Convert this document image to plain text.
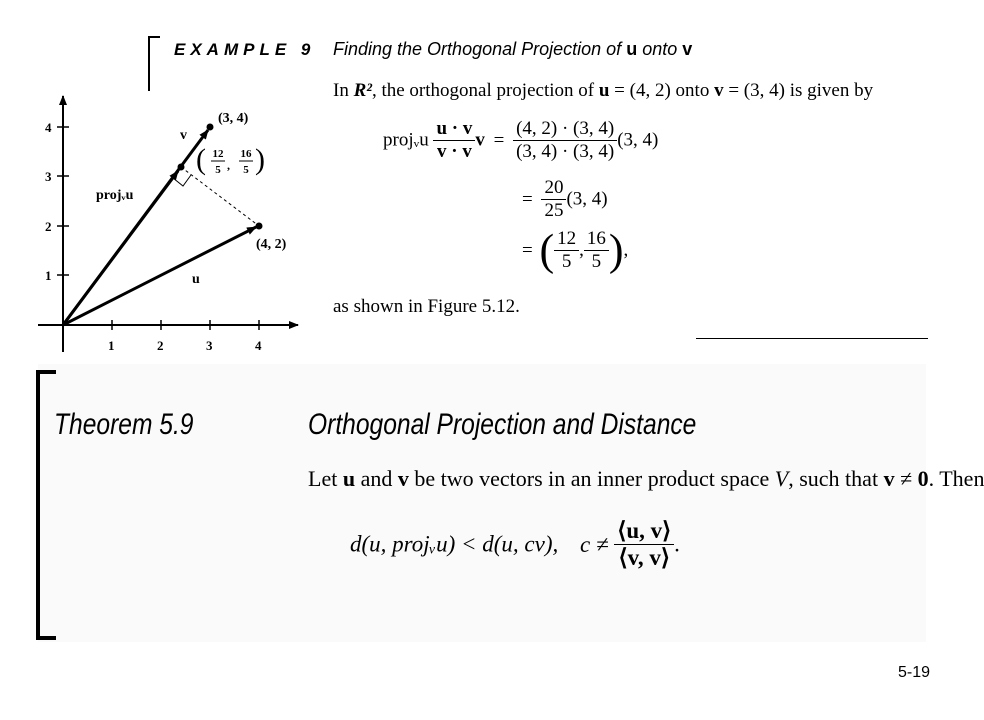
EXAMPLE 9 Finding the Orthogonal Projection of u onto v
1	2	3	4
1
2
3
4
(3, 4)
(4, 2)
v
u
projᵥu
( 12
5 ,
16
5 )
In R², the orthogonal projection of u = (4, 2) onto v = (3, 4) is given by
projᵥu $\frac{u \cdot v}{v \cdot v}$ $v = \frac{(4, 2) \cdot (3, 4)}{(3, 4) \cdot (3, 4)} (3$, 4)
= $\frac{20}{25} (3$, 4)
= ( $\frac{12}{5}$ , $\frac{16}{5}$ ),
as shown in Figure 5.12.
Theorem 5.9	Orthogonal Projection and Distance
Let u and v be two vectors in an inner product space V, such that v ≠ 0. Then
d(u, projᵥu) < d(u, cv), $c \ne \frac{⟨u, v⟩}{⟨v, v⟩}$ .
5-19
